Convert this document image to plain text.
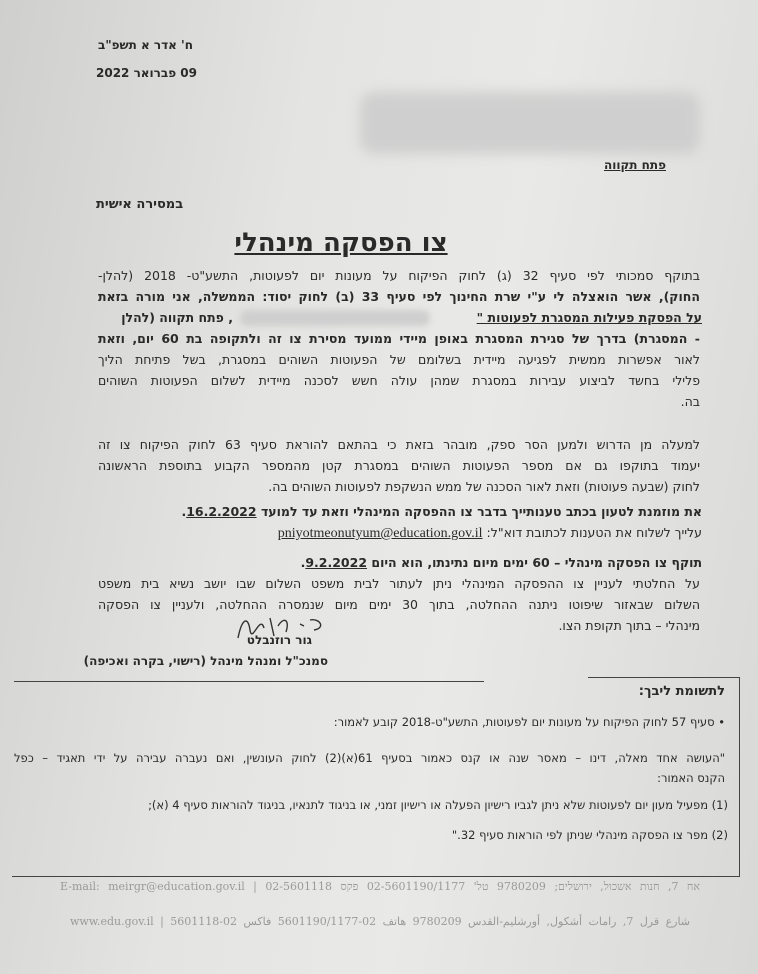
ח' אדר א תשפ"ב
09 פברואר 2022
פתח תקווה
במסירה אישית
צו הפסקה מינהלי
בתוקף סמכותי לפי סעיף 32 (ג) לחוק הפיקוח על מעונות יום לפעוטות, התשע"ט- 2018 (להלן-
החוק), אשר הואצלה לי ע"י שרת החינוך לפי סעיף 33 (ב) לחוק יסוד: הממשלה, אני מורה בזאת
על הפסקת פעילות המסגרת לפעוטות "
, פתח תקווה (להלן
- המסגרת) בדרך של סגירת המסגרת באופן מיידי ממועד מסירת צו זה ולתקופה בת 60 יום, וזאת
לאור אפשרות ממשית לפגיעה מיידית בשלומם של הפעוטות השוהים במסגרת, בשל פתיחת הליך
פלילי בחשד לביצוע עבירות במסגרת שמהן עולה חשש לסכנה מיידית לשלום הפעוטות השוהים
בה.
למעלה מן הדרוש ולמען הסר ספק, מובהר בזאת כי בהתאם להוראת סעיף 63 לחוק הפיקוח צו זה
יעמוד בתוקפו גם אם מספר הפעוטות השוהים במסגרת קטן מהמספר הקבוע בתוספת הראשונה
לחוק (שבעה פעוטות) וזאת לאור הסכנה של ממש הנשקפת לפעוטות השוהים בה.
את מוזמנת לטעון בכתב טענותייך בדבר צו ההפסקה המינהלי וזאת עד למועד 16.2.2022.
עלייך לשלוח את הטענות לכתובת דוא"ל: pniyotmeonutyum@education.gov.il
תוקף צו הפסקה מינהלי – 60 ימים מיום נתינתו, הוא היום 9.2.2022.
על החלטתי לעניין צו ההפסקה המינהלי ניתן לעתור לבית משפט השלום שבו יושב נשיא בית משפט
השלום שבאזור שיפוטו ניתנה ההחלטה, בתוך 30 ימים מיום שנמסרה ההחלטה, ולעניין צו הפסקה
מינהלי – בתוך תקופת הצו.
גור רוזנבלט
סמנכ"ל ומנהל מינהל (רישוי, בקרה ואכיפה)
לתשומת ליבך:
• סעיף 57 לחוק הפיקוח על מעונות יום לפעוטות, התשע"ט-2018 קובע לאמור:
"העושה אחד מאלה, דינו – מאסר שנה או קנס כאמור בסעיף 61(א)(2) לחוק העונשין, ואם נעברה עבירה על ידי תאגיד – כפל
הקנס האמור:
(1) מפעיל מעון יום לפעוטות שלא ניתן לגביו רישיון הפעלה או רישיון זמני, או בניגוד לתנאיו, בניגוד להוראות סעיף 4 (א);
(2) מפר צו הפסקה מינהלי שניתן לפי הוראות סעיף 32."
אח 7, חנות אשכול, ירושלים; 9780209 טל' 02-5601190/1177 פקס 02-5601118 | E-mail: meirgr@education.gov.il
شارع قرل 7, رامات أشكول, أورشليم-القدس 9780209 هاتف 02-5601190/1177 فاكس 02-5601118 | www.edu.gov.il
